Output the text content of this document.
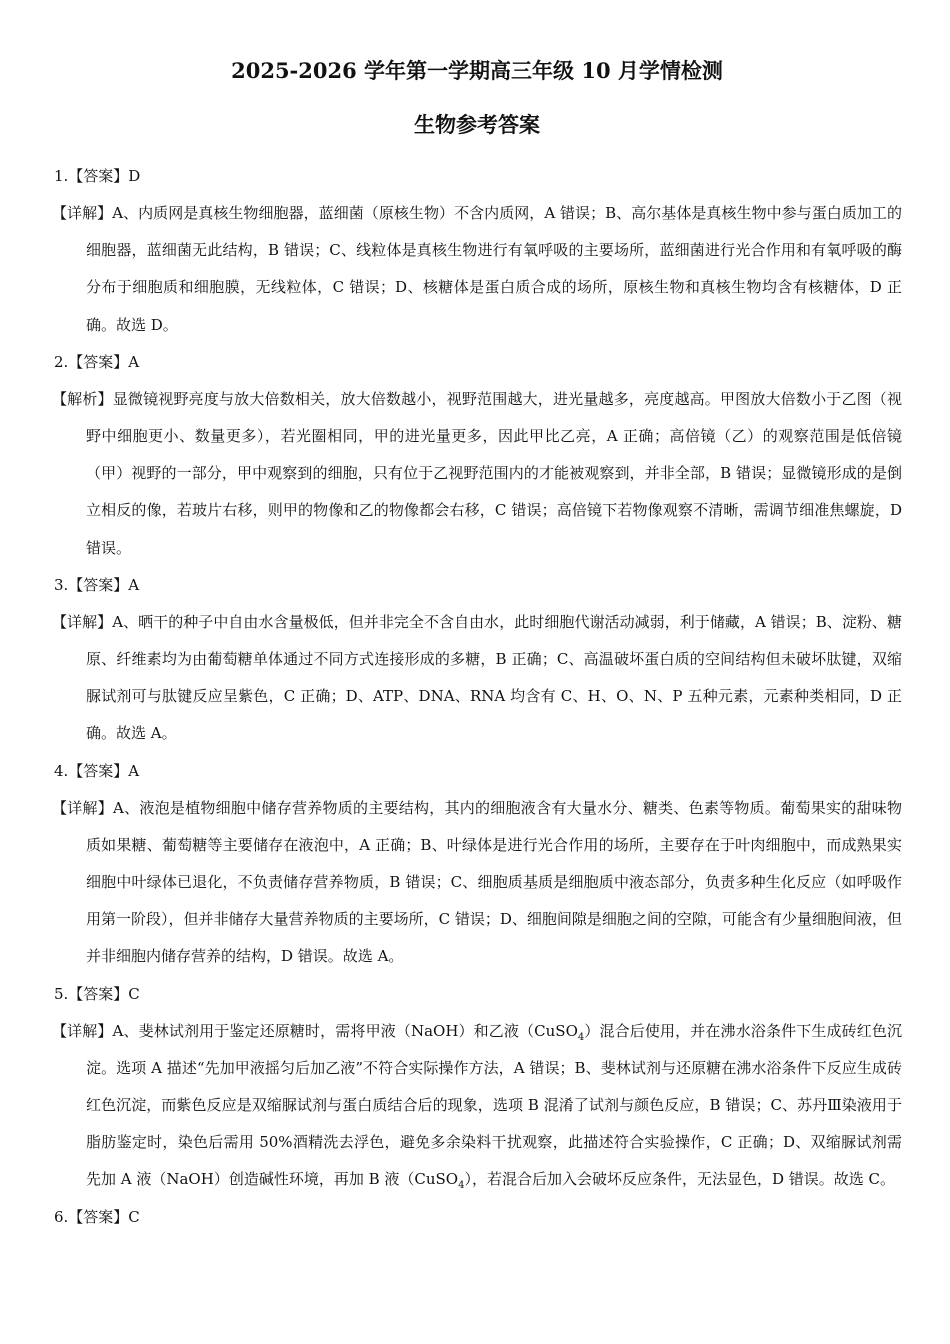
2025-2026 学年第一学期高三年级 10 月学情检测
生物参考答案

1.【答案】D

【详解】A、内质网是真核生物细胞器，蓝细菌（原核生物）不含内质网，A 错误；B、高尔基体是真核生物中参与蛋白质加工的细胞器，蓝细菌无此结构，B 错误；C、线粒体是真核生物进行有氧呼吸的主要场所，蓝细菌进行光合作用和有氧呼吸的酶分布于细胞质和细胞膜，无线粒体，C 错误；D、核糖体是蛋白质合成的场所，原核生物和真核生物均含有核糖体，D 正确。故选 D。

2.【答案】A

【解析】显微镜视野亮度与放大倍数相关，放大倍数越小，视野范围越大，进光量越多，亮度越高。甲图放大倍数小于乙图（视野中细胞更小、数量更多），若光圈相同，甲的进光量更多，因此甲比乙亮，A 正确；高倍镜（乙）的观察范围是低倍镜（甲）视野的一部分，甲中观察到的细胞，只有位于乙视野范围内的才能被观察到，并非全部，B 错误；显微镜形成的是倒立相反的像，若玻片右移，则甲的物像和乙的物像都会右移，C 错误；高倍镜下若物像观察不清晰，需调节细准焦螺旋，D 错误。

3.【答案】A

【详解】A、晒干的种子中自由水含量极低，但并非完全不含自由水，此时细胞代谢活动减弱，利于储藏，A 错误；B、淀粉、糖原、纤维素均为由葡萄糖单体通过不同方式连接形成的多糖，B 正确；C、高温破坏蛋白质的空间结构但未破坏肽键，双缩脲试剂可与肽键反应呈紫色，C 正确；D、ATP、DNA、RNA 均含有 C、H、O、N、P 五种元素，元素种类相同，D 正确。故选 A。

4.【答案】A

【详解】A、液泡是植物细胞中储存营养物质的主要结构，其内的细胞液含有大量水分、糖类、色素等物质。葡萄果实的甜味物质如果糖、葡萄糖等主要储存在液泡中，A 正确；B、叶绿体是进行光合作用的场所，主要存在于叶肉细胞中，而成熟果实细胞中叶绿体已退化，不负责储存营养物质，B 错误；C、细胞质基质是细胞质中液态部分，负责多种生化反应（如呼吸作用第一阶段），但并非储存大量营养物质的主要场所，C 错误；D、细胞间隙是细胞之间的空隙，可能含有少量细胞间液，但并非细胞内储存营养的结构，D 错误。故选 A。

5.【答案】C

【详解】A、斐林试剂用于鉴定还原糖时，需将甲液（NaOH）和乙液（CuSO$_4$）混合后使用，并在沸水浴条件下生成砖红色沉淀。选项 A 描述“先加甲液摇匀后加乙液”不符合实际操作方法，A 错误；B、斐林试剂与还原糖在沸水浴条件下反应生成砖红色沉淀，而紫色反应是双缩脲试剂与蛋白质结合后的现象，选项 B 混淆了试剂与颜色反应，B 错误；C、苏丹Ⅲ染液用于脂肪鉴定时，染色后需用 50%酒精洗去浮色，避免多余染料干扰观察，此描述符合实验操作，C 正确；D、双缩脲试剂需先加 A 液（NaOH）创造碱性环境，再加 B 液（CuSO$_4$），若混合后加入会破坏反应条件，无法显色，D 错误。故选 C。

6.【答案】C
